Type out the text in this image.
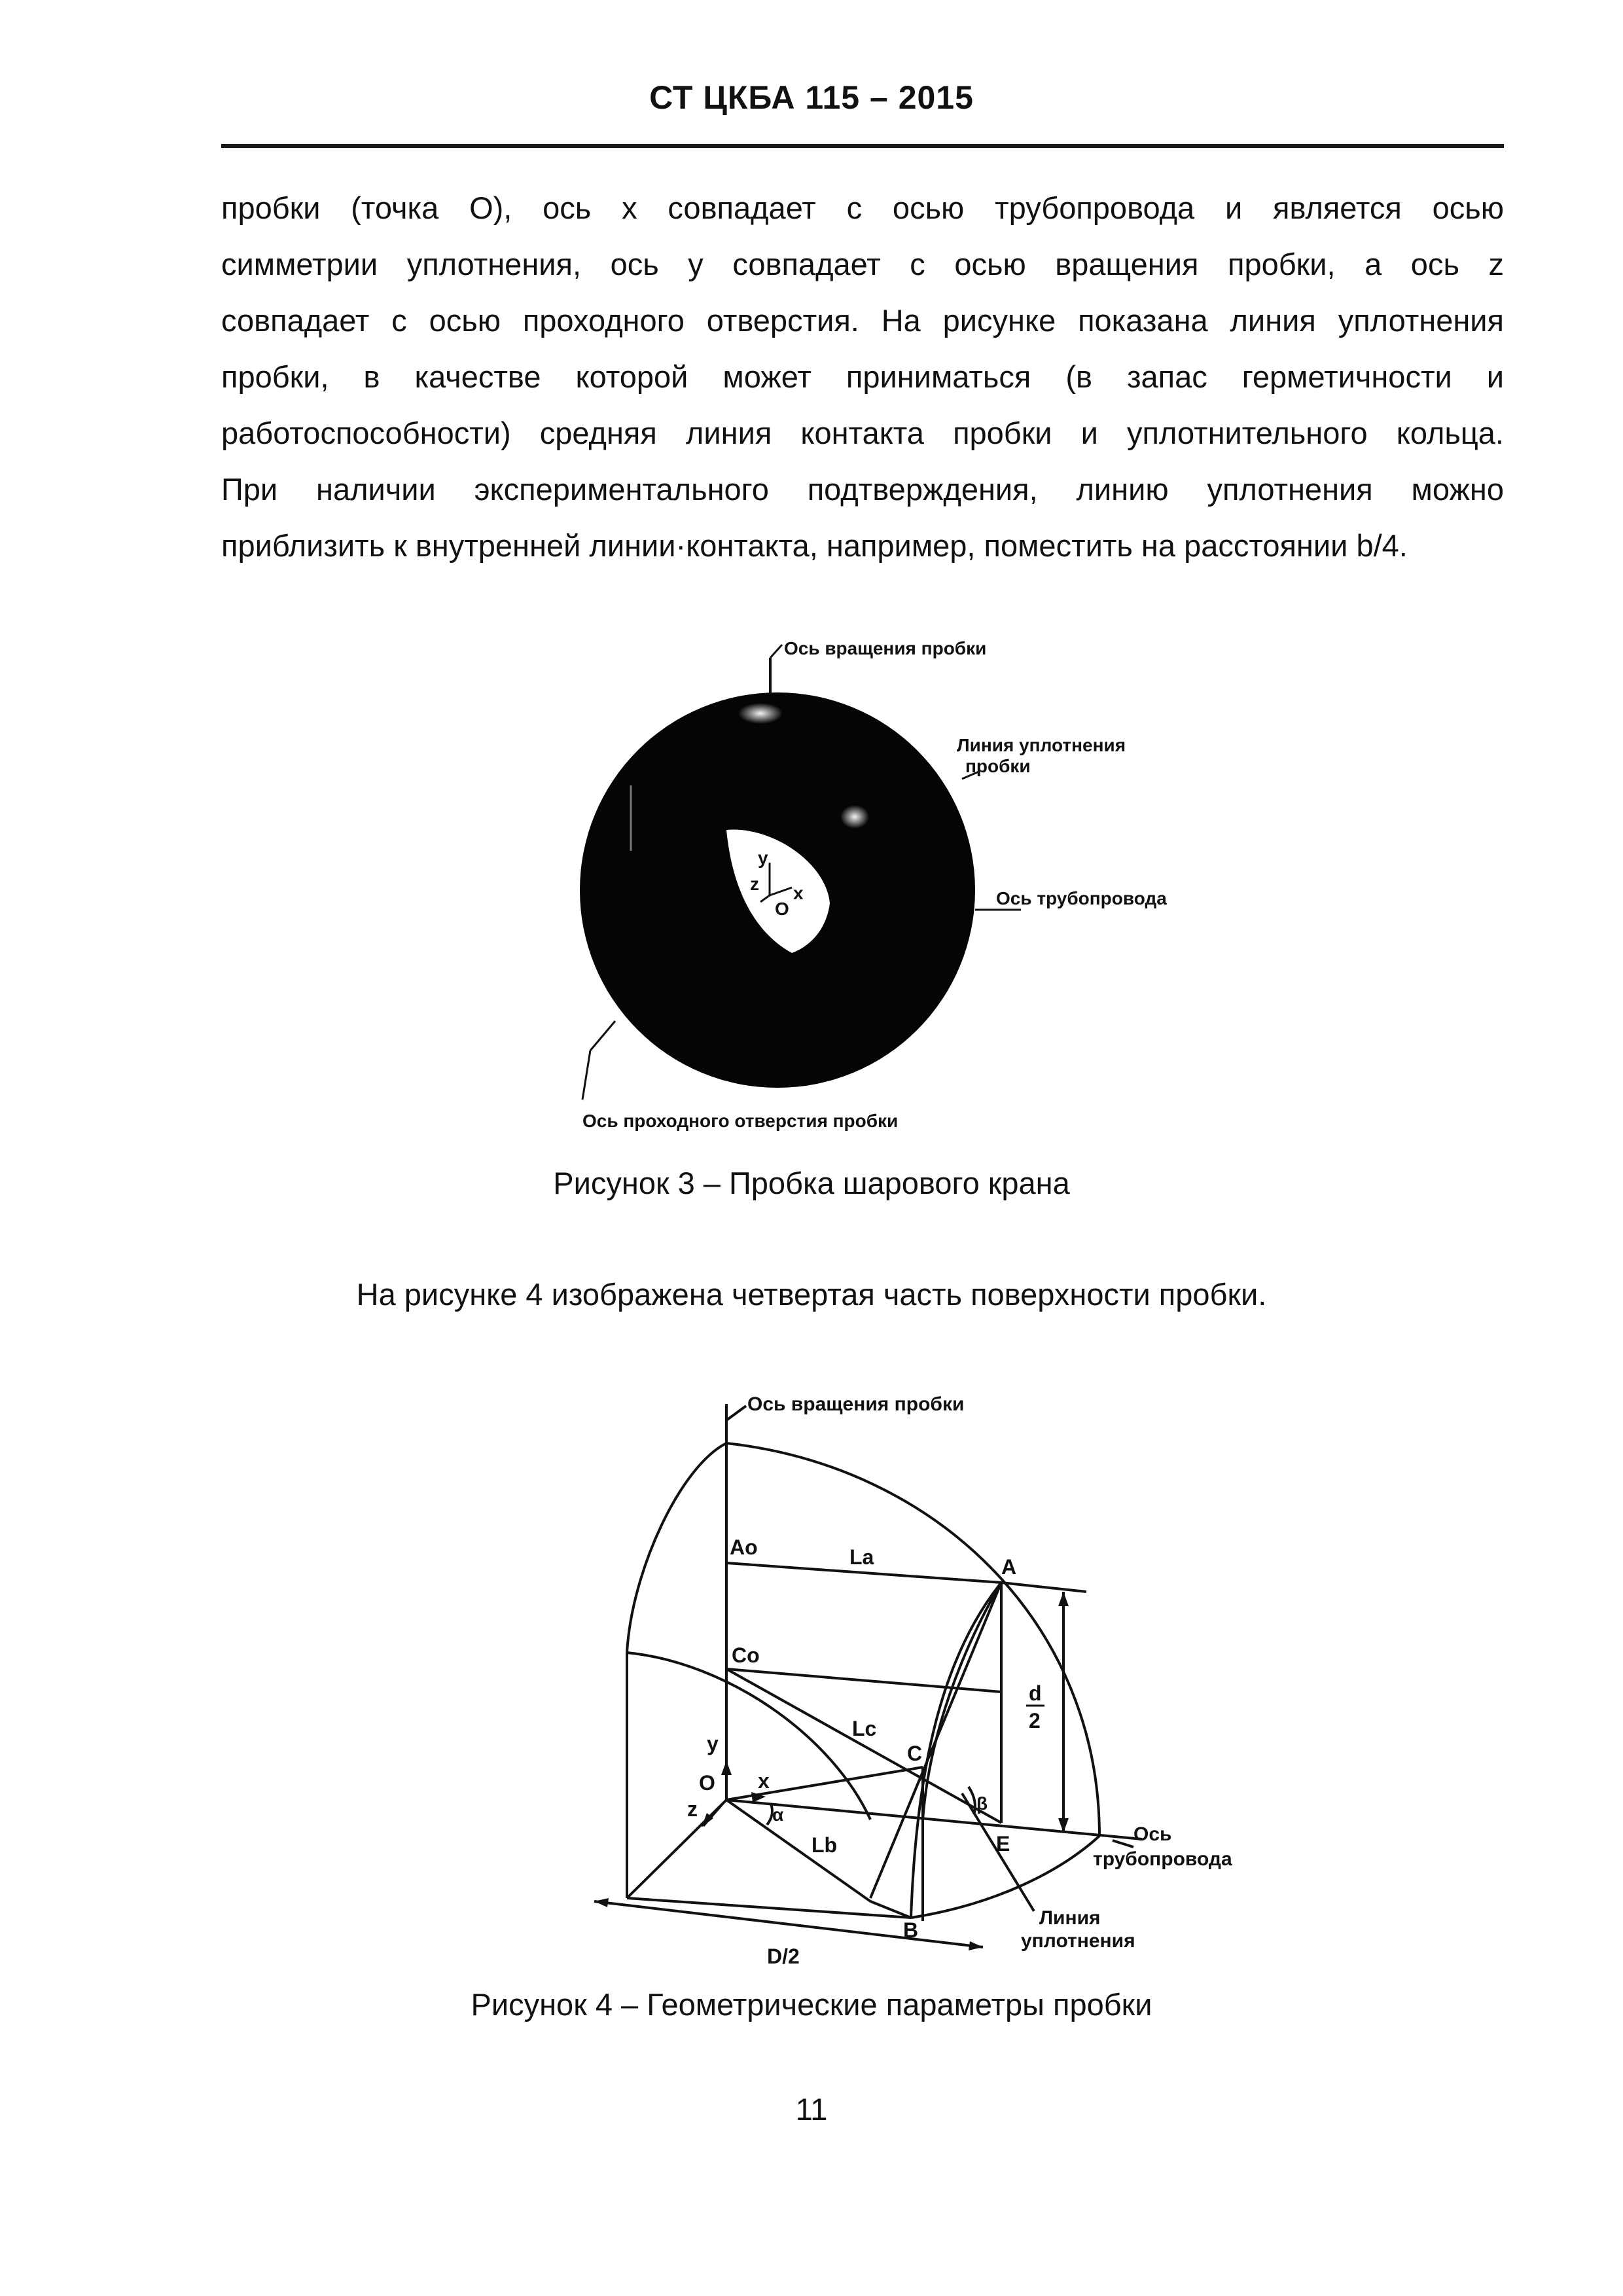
СТ ЦКБА 115 – 2015
пробки (точка О), ось x совпадает с осью трубопровода и является осью
симметрии уплотнения, ось y совпадает с осью вращения пробки, а ось z
совпадает с осью проходного отверстия. На рисунке показана линия уплотнения
пробки, в качестве которой может приниматься (в запас герметичности и
работоспособности) средняя линия контакта пробки и уплотнительного кольца.
При наличии экспериментального подтверждения, линию уплотнения можно
приблизить к внутренней линии·контакта, например, поместить на расстоянии b/4.
y
z x
O
Ось вращения пробки
Линия уплотнения
пробки
Ось трубопровода
Ось проходного отверстия пробки
Рисунок 3 – Пробка шарового крана
На рисунке 4 изображена четвертая часть поверхности пробки.
Ось вращения пробки
Ao	La	A
Co
Lc
C
y
O x
z	α
β
Lb	E
B
d
2
D/2
Ось
трубопровода
Линия
уплотнения
Рисунок 4 – Геометрические параметры пробки
11
